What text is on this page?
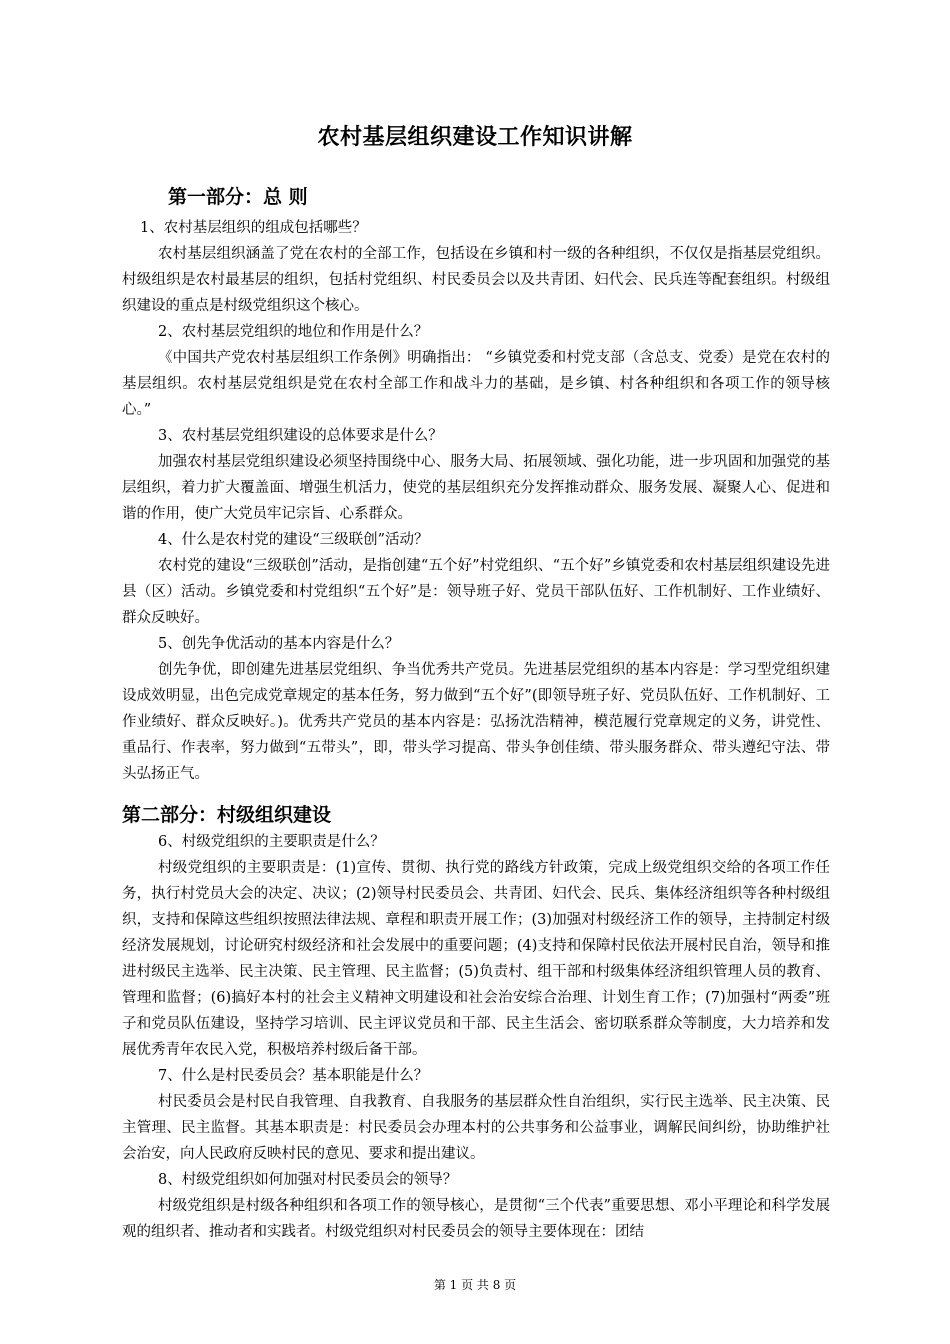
农村基层组织建设工作知识讲解
第一部分：总 则

1、农村基层组织的组成包括哪些？

农村基层组织涵盖了党在农村的全部工作，包括设在乡镇和村一级的各种组织，不仅仅是指基层党组织。村级组织是农村最基层的组织，包括村党组织、村民委员会以及共青团、妇代会、民兵连等配套组织。村级组织建设的重点是村级党组织这个核心。

2、农村基层党组织的地位和作用是什么？

《中国共产党农村基层组织工作条例》明确指出： “乡镇党委和村党支部（含总支、党委）是党在农村的基层组织。农村基层党组织是党在农村全部工作和战斗力的基础，是乡镇、村各种组织和各项工作的领导核心。”

3、农村基层党组织建设的总体要求是什么？

加强农村基层党组织建设必须坚持围绕中心、服务大局、拓展领域、强化功能，进一步巩固和加强党的基层组织，着力扩大覆盖面、增强生机活力，使党的基层组织充分发挥推动群众、服务发展、凝聚人心、促进和谐的作用，使广大党员牢记宗旨、心系群众。

4、什么是农村党的建设“三级联创”活动？

农村党的建设“三级联创”活动，是指创建“五个好”村党组织、“五个好”乡镇党委和农村基层组织建设先进县（区）活动。乡镇党委和村党组织“五个好”是：领导班子好、党员干部队伍好、工作机制好、工作业绩好、群众反映好。

5、创先争优活动的基本内容是什么？

创先争优，即创建先进基层党组织、争当优秀共产党员。先进基层党组织的基本内容是：学习型党组织建设成效明显，出色完成党章规定的基本任务，努力做到“五个好”(即领导班子好、党员队伍好、工作机制好、工作业绩好、群众反映好。)。优秀共产党员的基本内容是：弘扬沈浩精神，模范履行党章规定的义务，讲党性、重品行、作表率，努力做到“五带头”，即，带头学习提高、带头争创佳绩、带头服务群众、带头遵纪守法、带头弘扬正气。

第二部分：村级组织建设

6、村级党组织的主要职责是什么？

村级党组织的主要职责是：(1)宣传、贯彻、执行党的路线方针政策，完成上级党组织交给的各项工作任务，执行村党员大会的决定、决议；(2)领导村民委员会、共青团、妇代会、民兵、集体经济组织等各种村级组织，支持和保障这些组织按照法律法规、章程和职责开展工作；(3)加强对村级经济工作的领导，主持制定村级经济发展规划，讨论研究村级经济和社会发展中的重要问题；(4)支持和保障村民依法开展村民自治，领导和推进村级民主选举、民主决策、民主管理、民主监督；(5)负责村、组干部和村级集体经济组织管理人员的教育、管理和监督；(6)搞好本村的社会主义精神文明建设和社会治安综合治理、计划生育工作；(7)加强村“两委”班子和党员队伍建设，坚持学习培训、民主评议党员和干部、民主生活会、密切联系群众等制度，大力培养和发展优秀青年农民入党，积极培养村级后备干部。

7、什么是村民委员会？基本职能是什么？

村民委员会是村民自我管理、自我教育、自我服务的基层群众性自治组织，实行民主选举、民主决策、民主管理、民主监督。其基本职责是：村民委员会办理本村的公共事务和公益事业，调解民间纠纷，协助维护社会治安，向人民政府反映村民的意见、要求和提出建议。

8、村级党组织如何加强对村民委员会的领导？

村级党组织是村级各种组织和各项工作的领导核心，是贯彻“三个代表”重要思想、邓小平理论和科学发展观的组织者、推动者和实践者。村级党组织对村民委员会的领导主要体现在：团结

第 1 页 共 8 页
